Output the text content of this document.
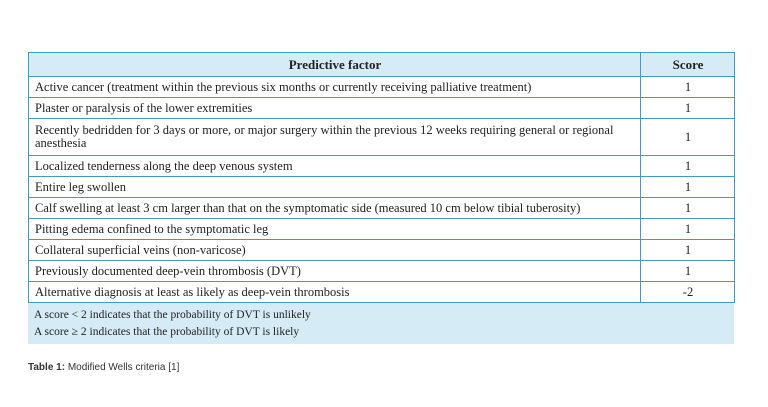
Predictive factor	Score
Active cancer (treatment within the previous six months or currently receiving palliative treatment)	1
Plaster or paralysis of the lower extremities	1
Recently bedridden for 3 days or more, or major surgery within the previous 12 weeks requiring general or regional anesthesia	1
Localized tenderness along the deep venous system	1
Entire leg swollen	1
Calf swelling at least 3 cm larger than that on the symptomatic side (measured 10 cm below tibial tuberosity)	1
Pitting edema confined to the symptomatic leg	1
Collateral superficial veins (non-varicose)	1
Previously documented deep-vein thrombosis (DVT)	1
Alternative diagnosis at least as likely as deep-vein thrombosis	-2
A score < 2 indicates that the probability of DVT is unlikely
A score ≥ 2 indicates that the probability of DVT is likely
Table 1: Modified Wells criteria [1]
